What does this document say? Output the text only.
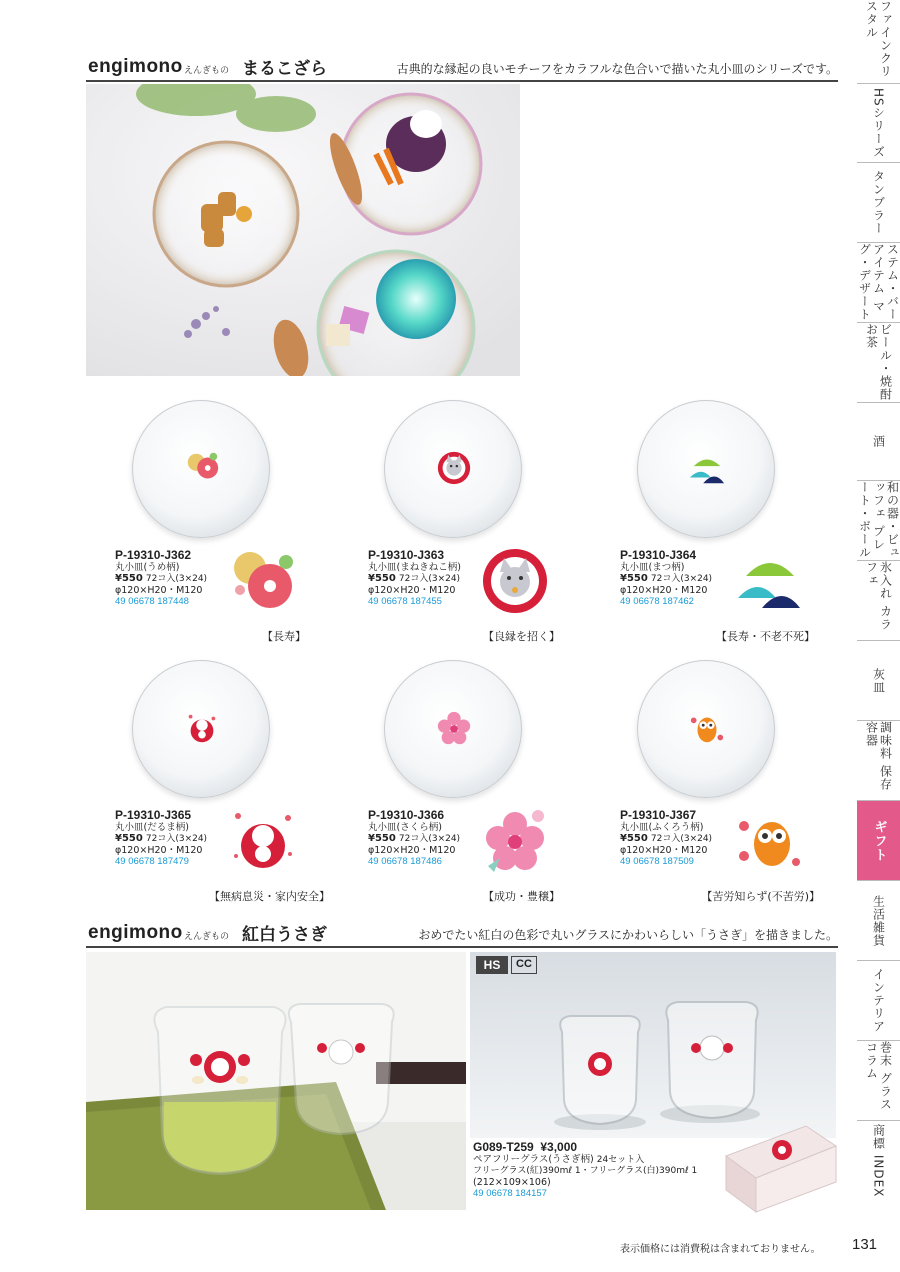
ファインクリスタル
HSシリーズ
タンブラー
ステム・バーアイテム マグ・デザート
ビール・焼酎 お茶
酒
和の器・ビュッフェ プレート・ボール
氷入れ カラフェ
灰皿
調味料 保存容器
ギフト
生活雑貨
インテリア
巻末 グラスコラム
商標 INDEX
engimono えんぎもの まるこざら	古典的な縁起の良いモチーフをカラフルな色合いで描いた丸小皿のシリーズです。
P-19310-J362
丸小皿(うめ柄)
¥550 72コ入(3×24)
φ120×H20・M120
49 06678 187448
P-19310-J363
丸小皿(まねきねこ柄)
¥550 72コ入(3×24)
φ120×H20・M120
49 06678 187455
P-19310-J364
丸小皿(まつ柄)
¥550 72コ入(3×24)
φ120×H20・M120
49 06678 187462
【長寿】	【良縁を招く】	【長寿・不老不死】
P-19310-J365
丸小皿(だるま柄)
¥550 72コ入(3×24)
φ120×H20・M120
49 06678 187479
P-19310-J366
丸小皿(さくら柄)
¥550 72コ入(3×24)
φ120×H20・M120
49 06678 187486
P-19310-J367
丸小皿(ふくろう柄)
¥550 72コ入(3×24)
φ120×H20・M120
49 06678 187509
【無病息災・家内安全】	【成功・豊穣】	【苦労知らず(不苦労)】
engimono えんぎもの 紅白うさぎ	おめでたい紅白の色彩で丸いグラスにかわいらしい「うさぎ」を描きました。
HS	CC
G089-T259 ¥3,000
ペアフリーグラス(うさぎ柄) 24セット入
フリーグラス(紅)390mℓ 1・フリーグラス(白)390mℓ 1
(212×109×106)
49 06678 184157
表示価格には消費税は含まれておりません。 131
